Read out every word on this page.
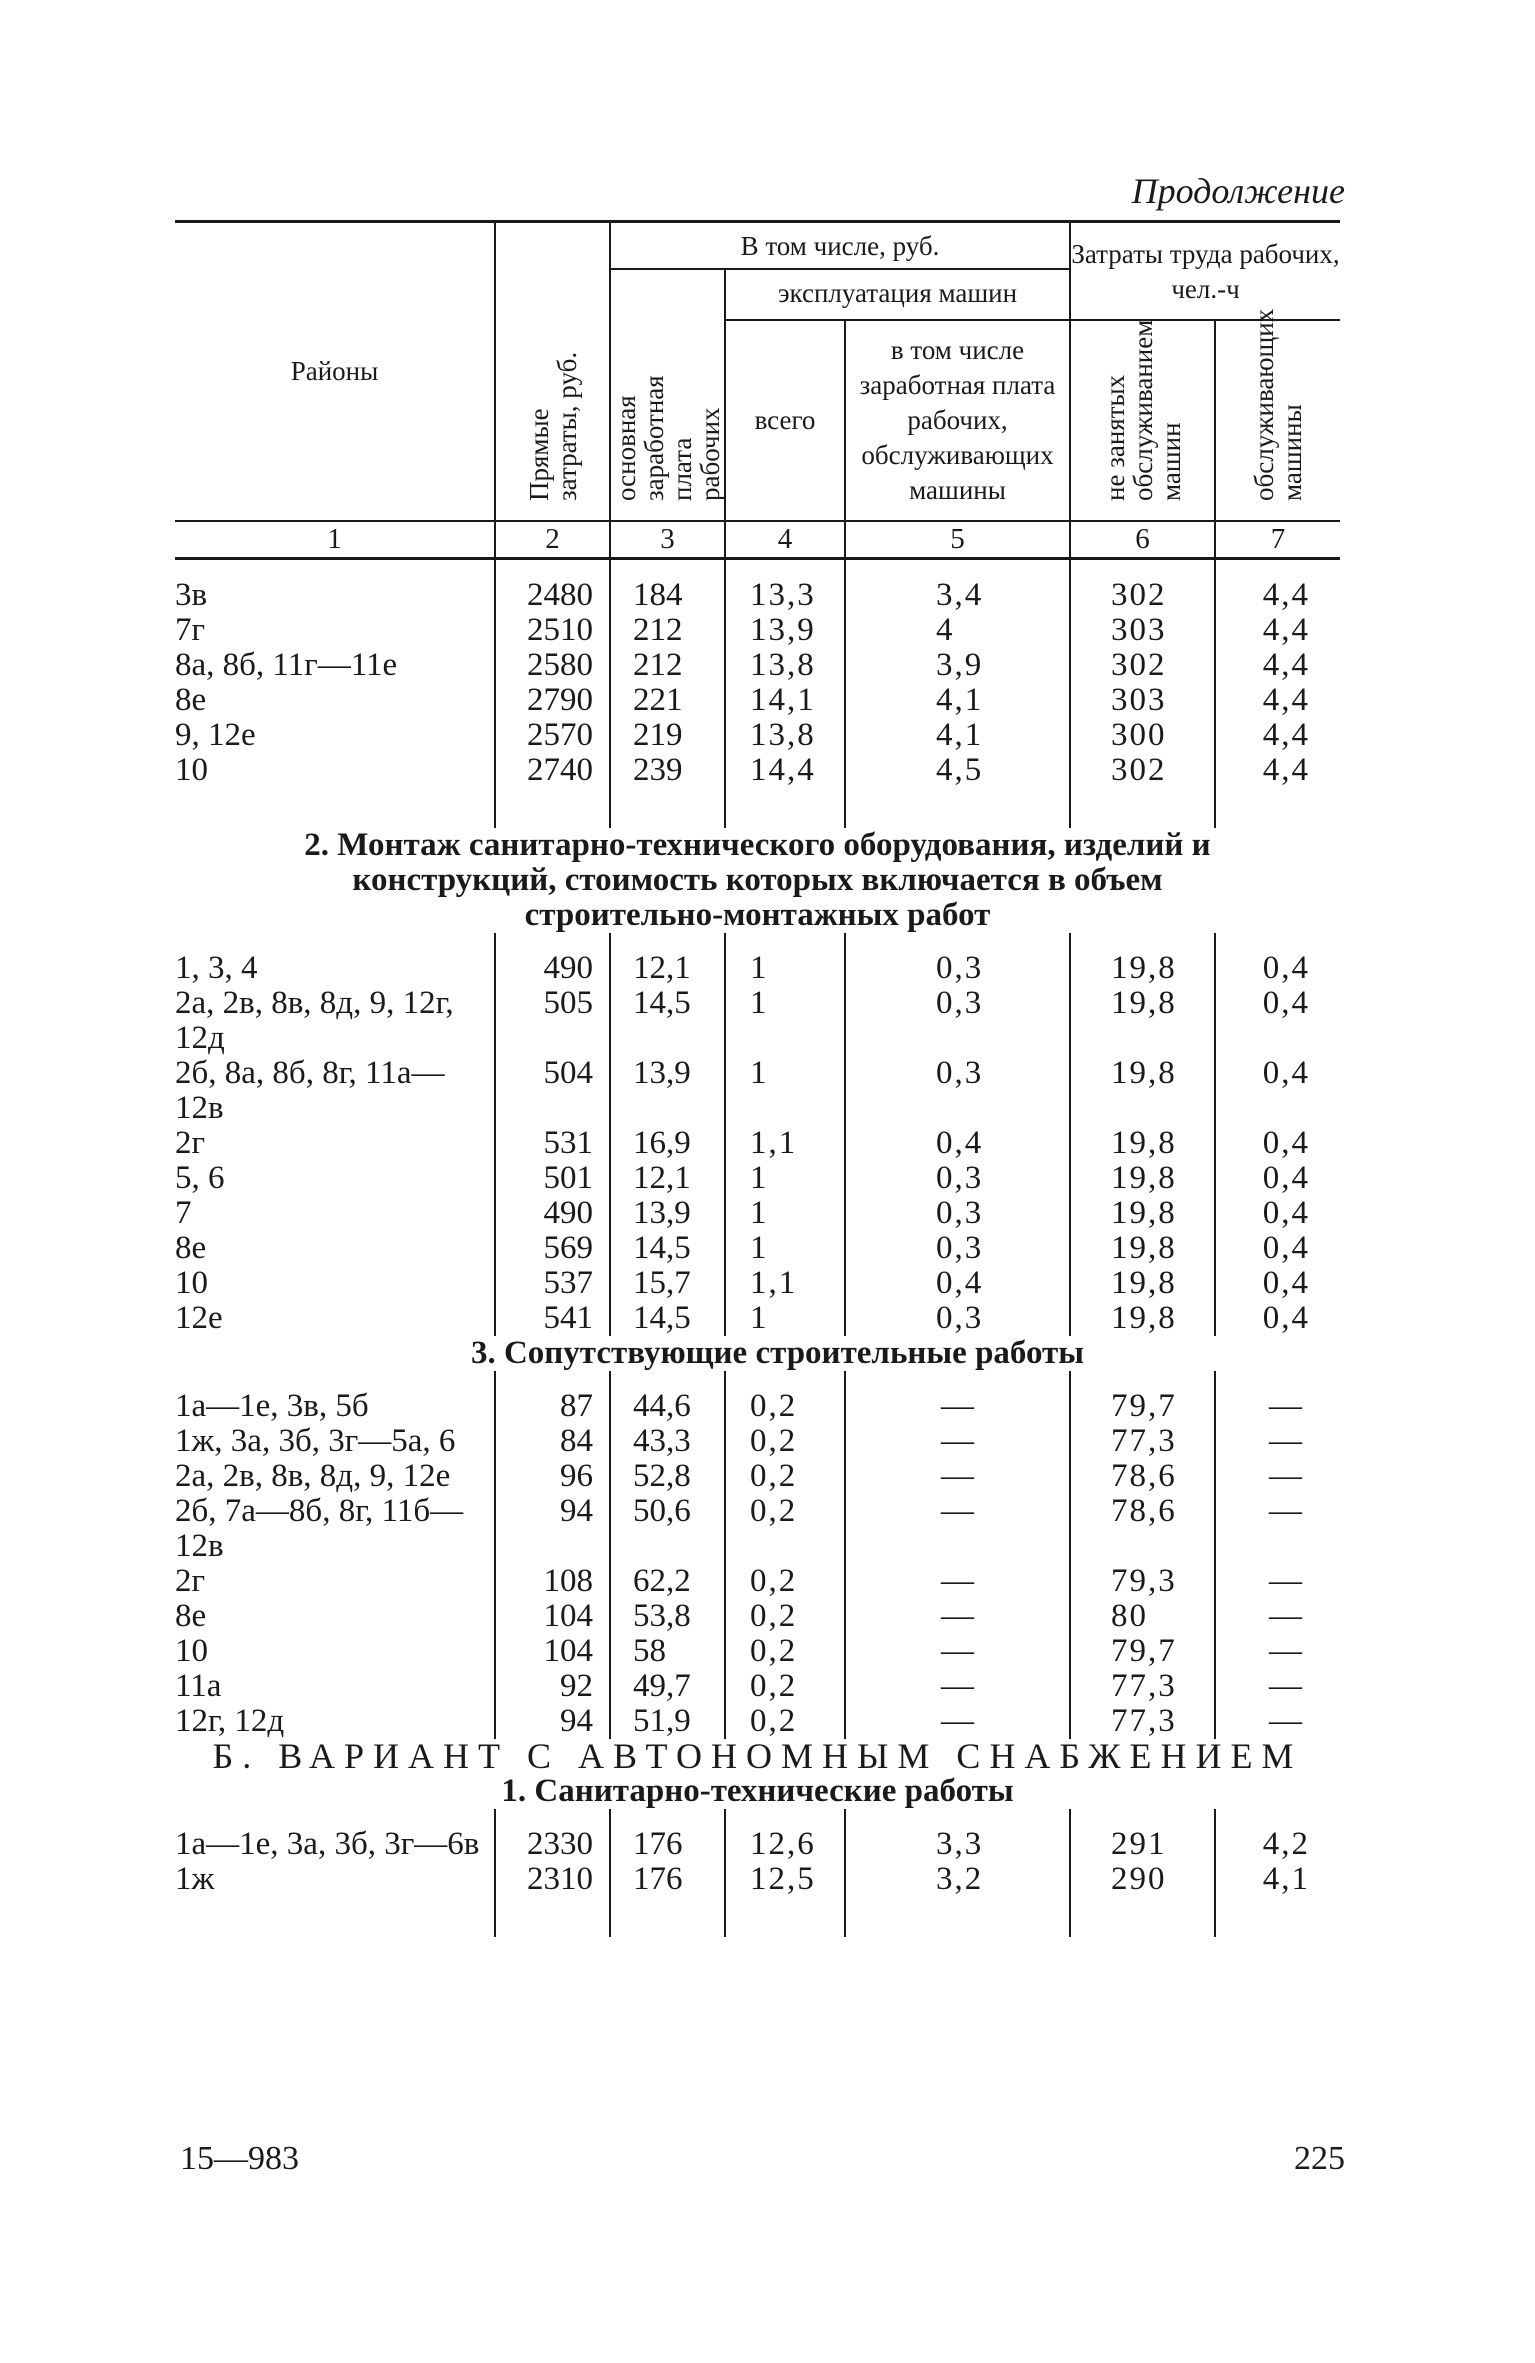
Продолжение

Районы	Прямые затраты, руб.	В том числе, руб.			Затраты труда рабочих, чел.-ч	
		основная заработная плата рабочих	эксплуатация машин			
			всего	в том числе заработная плата рабочих, обслуживающих машины	не занятых обслуживанием машин	обслуживающих машины
1	2	3	4	5	6	7

3в	2480	184	13,3	3,4	302	4,4
7г	2510	212	13,9	4	303	4,4
8а, 8б, 11г—11е	2580	212	13,8	3,9	302	4,4
8е	2790	221	14,1	4,1	303	4,4
9, 12е	2570	219	13,8	4,1	300	4,4
10	2740	239	14,4	4,5	302	4,4

2. Монтаж санитарно-технического оборудования, изделий и конструкций, стоимость которых включается в объем строительно-монтажных работ						

1, 3, 4	490	12,1	1	0,3	19,8	0,4
2а, 2в, 8в, 8д, 9, 12г, 12д	505	14,5	1	0,3	19,8	0,4
2б, 8а, 8б, 8г, 11а—12в	504	13,9	1	0,3	19,8	0,4
2г	531	16,9	1,1	0,4	19,8	0,4
5, 6	501	12,1	1	0,3	19,8	0,4
7	490	13,9	1	0,3	19,8	0,4
8е	569	14,5	1	0,3	19,8	0,4
10	537	15,7	1,1	0,4	19,8	0,4
12е	541	14,5	1	0,3	19,8	0,4
3. Сопутствующие строительные работы						

1а—1е, 3в, 5б	87	44,6	0,2	—	79,7	—
1ж, 3а, 3б, 3г—5а, 6	84	43,3	0,2	—	77,3	—
2а, 2в, 8в, 8д, 9, 12е	96	52,8	0,2	—	78,6	—
2б, 7а—8б, 8г, 11б—12в	94	50,6	0,2	—	78,6	—
2г	108	62,2	0,2	—	79,3	—
8е	104	53,8	0,2	—	80	—
10	104	58	0,2	—	79,7	—
11а	92	49,7	0,2	—	77,3	—
12г, 12д	94	51,9	0,2	—	77,3	—
Б. ВАРИАНТ С АВТОНОМНЫМ СНАБЖЕНИЕМ						
1. Санитарно-технические работы						

1а—1е, 3а, 3б, 3г—6в	2330	176	12,6	3,3	291	4,2
1ж	2310	176	12,5	3,2	290	4,1

15—983	225
